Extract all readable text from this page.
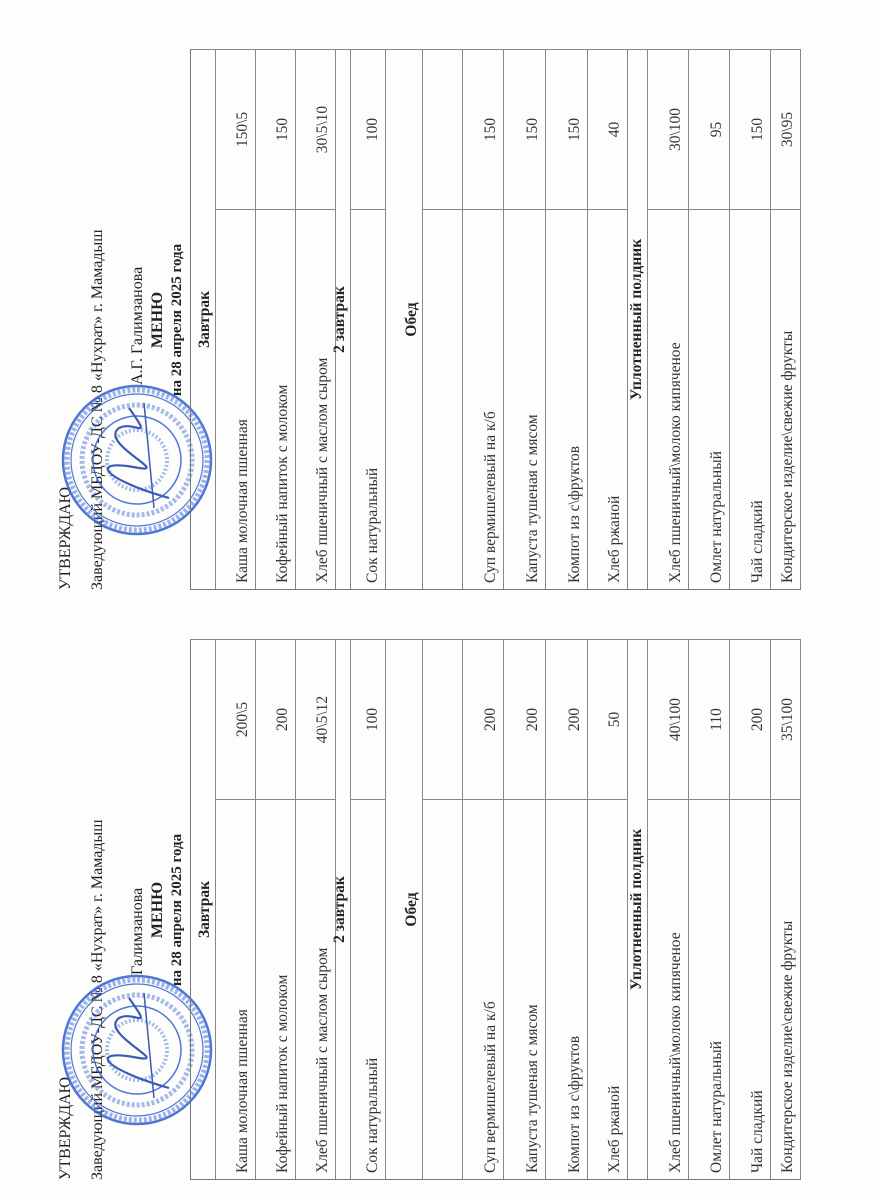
УТВЕРЖДАЮ Заведующий МБДОУ-ДС № 8 «Нухрат» г. Мамадыш А.Г. Галимзанова МЕНЮ на 28 апреля 2025 года Завтрак
Каша молочная пшенная
150\5
Кофейный напиток с молоком
150
Хлеб пшеничный с маслом сыром
30\5\10
2 завтрак
Сок натуральный
100
Обед
Суп вермишелевый на к/б
150
Капуста тушеная с мясом
150
Компот из с\фруктов
150
Хлеб ржаной
40
Уплотненный полдник
Хлеб пшеничный\молоко кипяченое
30\100
Омлет натуральный
95
Чай сладкий
150
Кондитерское изделие\свежие фрукты
30\95
УТВЕРЖДАЮ Заведующий МБДОУ-ДС № 8 «Нухрат» г. Мамадыш Галимзанова МЕНЮ на 28 апреля 2025 года Завтрак
Каша молочная пшенная
200\5
Кофейный напиток с молоком
200
Хлеб пшеничный с маслом сыром
40\5\12
2 завтрак
Сок натуральный
100
Обед
Суп вермишелевый на к/б
200
Капуста тушеная с мясом
200
Компот из с\фруктов
200
Хлеб ржаной
50
Уплотненный полдник
Хлеб пшеничный\молоко кипяченое
40\100
Омлет натуральный
110
Чай сладкий
200
Кондитерское изделие\свежие фрукты
35\100
